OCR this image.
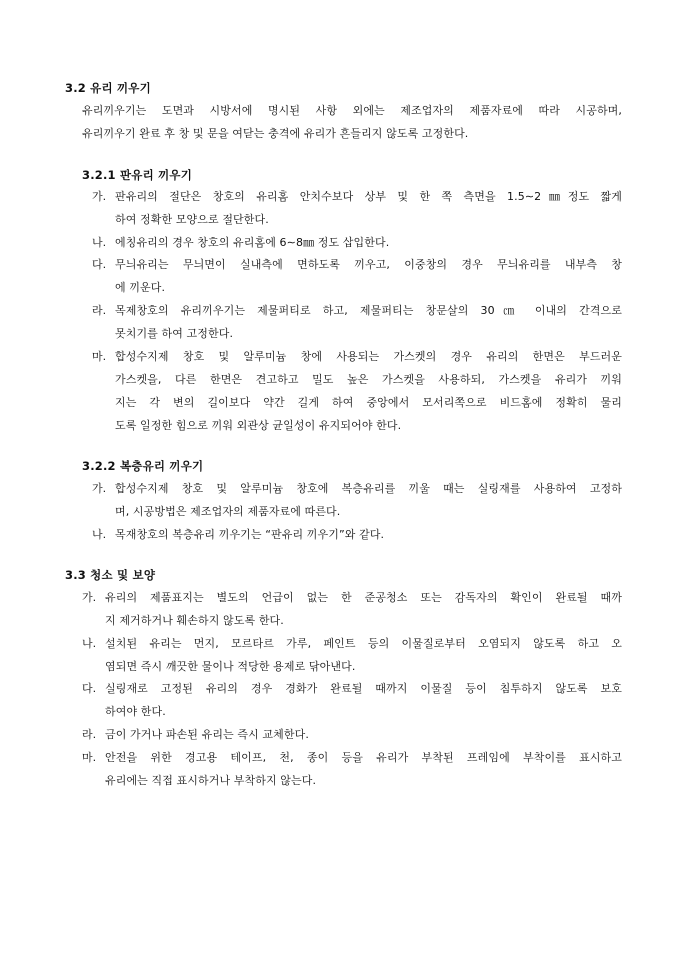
3.2 유리 끼우기
유리끼우기는 도면과 시방서에 명시된 사항 외에는 제조업자의 제품자료에 따라 시공하며,
유리끼우기 완료 후 창 및 문을 여닫는 충격에 유리가 흔들리지 않도록 고정한다.
3.2.1 판유리 끼우기
가. 판유리의 절단은 창호의 유리홈 안치수보다 상부 및 한 쪽 측면을 1.5∼2㎜정도 짧게
하여 정확한 모양으로 절단한다.
나. 에칭유리의 경우 창호의 유리홈에 6∼8㎜ 정도 삽입한다.
다. 무늬유리는 무늬면이 실내측에 면하도록 끼우고, 이중창의 경우 무늬유리를 내부측 창
에 끼운다.
라. 목제창호의 유리끼우기는 제물퍼티로 하고, 제물퍼티는 창문살의 30㎝ 이내의 간격으로
못치기를 하여 고정한다.
마. 합성수지제 창호 및 알루미늄 창에 사용되는 가스켓의 경우 유리의 한면은 부드러운
가스켓을, 다른 한면은 견고하고 밀도 높은 가스켓을 사용하되, 가스켓을 유리가 끼워
지는 각 변의 길이보다 약간 길게 하여 중앙에서 모서리쪽으로 비드홈에 정확히 물리
도록 일정한 힘으로 끼워 외관상 균일성이 유지되어야 한다.
3.2.2 복층유리 끼우기
가. 합성수지제 창호 및 알루미늄 창호에 복층유리를 끼울 때는 실링재를 사용하여 고정하
며, 시공방법은 제조업자의 제품자료에 따른다.
나. 목재창호의 복층유리 끼우기는 “판유리 끼우기”와 같다.
3.3 청소 및 보양
가. 유리의 제품표지는 별도의 언급이 없는 한 준공청소 또는 감독자의 확인이 완료될 때까
지 제거하거나 훼손하지 않도록 한다.
나. 설치된 유리는 먼지, 모르타르 가루, 페인트 등의 이물질로부터 오염되지 않도록 하고 오
염되면 즉시 깨끗한 물이나 적당한 용제로 닦아낸다.
다. 실링재로 고정된 유리의 경우 경화가 완료될 때까지 이물질 등이 침투하지 않도록 보호
하여야 한다.
라. 금이 가거나 파손된 유리는 즉시 교체한다.
마. 안전을 위한 경고용 테이프, 천, 종이 등을 유리가 부착된 프레임에 부착이를 표시하고
유리에는 직접 표시하거나 부착하지 않는다.
